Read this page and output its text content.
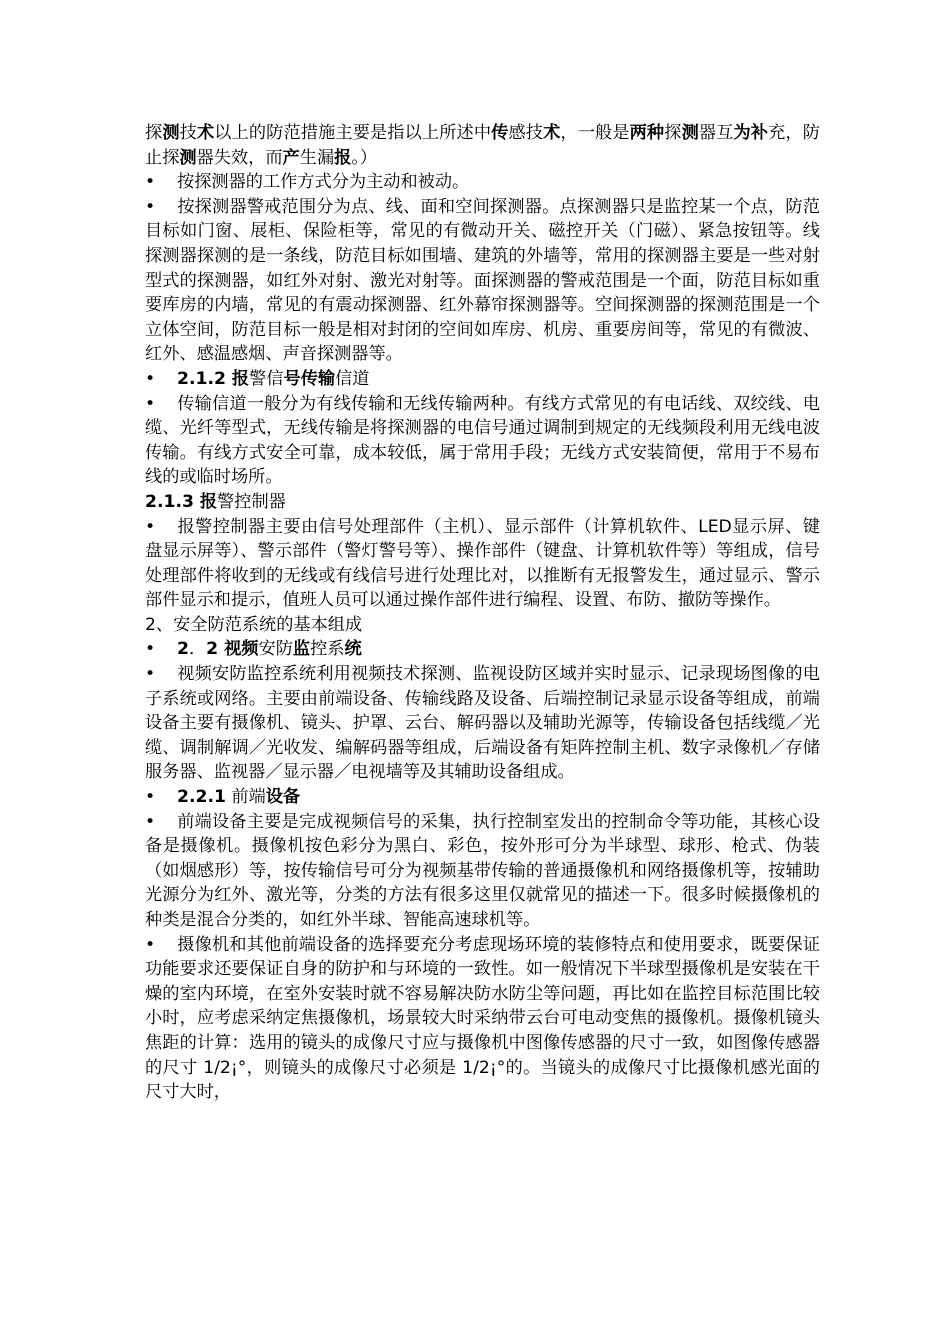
探测技术以上的防范措施主要是指以上所述中传感技术，一般是两种探测器互为补充，防止探测器失效，而产生漏报。）

• 按探测器的工作方式分为主动和被动。

• 按探测器警戒范围分为点、线、面和空间探测器。点探测器只是监控某一个点，防范目标如门窗、展柜、保险柜等，常见的有微动开关、磁控开关（门磁）、紧急按钮等。线探测器探测的是一条线，防范目标如围墙、建筑的外墙等，常用的探测器主要是一些对射型式的探测器，如红外对射、激光对射等。面探测器的警戒范围是一个面，防范目标如重要库房的内墙，常见的有震动探测器、红外幕帘探测器等。空间探测器的探测范围是一个立体空间，防范目标一般是相对封闭的空间如库房、机房、重要房间等，常见的有微波、红外、感温感烟、声音探测器等。

• 2.1.2 报警信号传输信道

• 传输信道一般分为有线传输和无线传输两种。有线方式常见的有电话线、双绞线、电缆、光纤等型式，无线传输是将探测器的电信号通过调制到规定的无线频段利用无线电波传输。有线方式安全可靠，成本较低，属于常用手段；无线方式安装简便，常用于不易布线的或临时场所。

2.1.3 报警控制器

• 报警控制器主要由信号处理部件（主机）、显示部件（计算机软件、LED显示屏、键盘显示屏等）、警示部件（警灯警号等）、操作部件（键盘、计算机软件等）等组成，信号处理部件将收到的无线或有线信号进行处理比对，以推断有无报警发生，通过显示、警示部件显示和提示，值班人员可以通过操作部件进行编程、设置、布防、撤防等操作。

2、安全防范系统的基本组成

• 2．2 视频安防监控系统

• 视频安防监控系统利用视频技术探测、监视设防区域并实时显示、记录现场图像的电子系统或网络。主要由前端设备、传输线路及设备、后端控制记录显示设备等组成，前端设备主要有摄像机、镜头、护罩、云台、解码器以及辅助光源等，传输设备包括线缆／光缆、调制解调／光收发、编解码器等组成，后端设备有矩阵控制主机、数字录像机／存储服务器、监视器／显示器／电视墙等及其辅助设备组成。

• 2.2.1 前端设备

• 前端设备主要是完成视频信号的采集，执行控制室发出的控制命令等功能，其核心设备是摄像机。摄像机按色彩分为黑白、彩色，按外形可分为半球型、球形、枪式、伪装（如烟感形）等，按传输信号可分为视频基带传输的普通摄像机和网络摄像机等，按辅助光源分为红外、激光等，分类的方法有很多这里仅就常见的描述一下。很多时候摄像机的种类是混合分类的，如红外半球、智能高速球机等。

• 摄像机和其他前端设备的选择要充分考虑现场环境的装修特点和使用要求，既要保证功能要求还要保证自身的防护和与环境的一致性。如一般情况下半球型摄像机是安装在干燥的室内环境，在室外安装时就不容易解决防水防尘等问题，再比如在监控目标范围比较小时，应考虑采纳定焦摄像机，场景较大时采纳带云台可电动变焦的摄像机。摄像机镜头焦距的计算：选用的镜头的成像尺寸应与摄像机中图像传感器的尺寸一致，如图像传感器的尺寸 1/2¡°，则镜头的成像尺寸必须是 1/2¡°的。当镜头的成像尺寸比摄像机感光面的尺寸大时，
